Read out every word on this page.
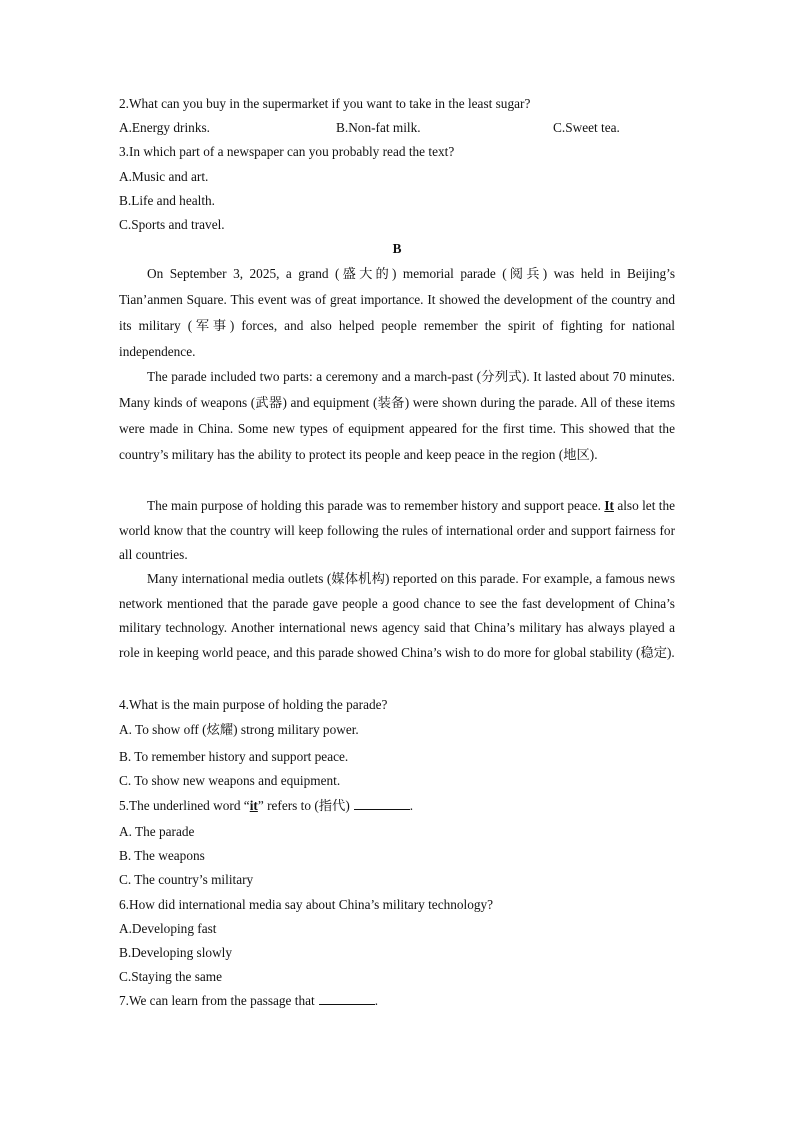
2.What can you buy in the supermarket if you want to take in the least sugar?
A.Energy drinks.	B.Non-fat milk.	C.Sweet tea.
3.In which part of a newspaper can you probably read the text?
A.Music and art.
B.Life and health.
C.Sports and travel.
B
On September 3, 2025, a grand (盛大的) memorial parade (阅兵) was held in Beijing’s Tian’anmen Square. This event was of great importance. It showed the development of the country and its military (军事) forces, and also helped people remember the spirit of fighting for national independence.
The parade included two parts: a ceremony and a march-past (分列式). It lasted about 70 minutes. Many kinds of weapons (武器) and equipment (装备) were shown during the parade. All of these items were made in China. Some new types of equipment appeared for the first time. This showed that the country’s military has the ability to protect its people and keep peace in the region (地区).
The main purpose of holding this parade was to remember history and support peace. It also let the world know that the country will keep following the rules of international order and support fairness for all countries.
Many international media outlets (媒体机构) reported on this parade. For example, a famous news network mentioned that the parade gave people a good chance to see the fast development of China’s military technology. Another international news agency said that China’s military has always played a role in keeping world peace, and this parade showed China’s wish to do more for global stability (稳定).
4.What is the main purpose of holding the parade?
A. To show off (炫耀) strong military power.
B. To remember history and support peace.
C. To show new weapons and equipment.
5.The underlined word “it” refers to (指代)	.
A. The parade
B. The weapons
C. The country’s military
6.How did international media say about China’s military technology?
A.Developing fast
B.Developing slowly
C.Staying the same
7.We can learn from the passage that	.
